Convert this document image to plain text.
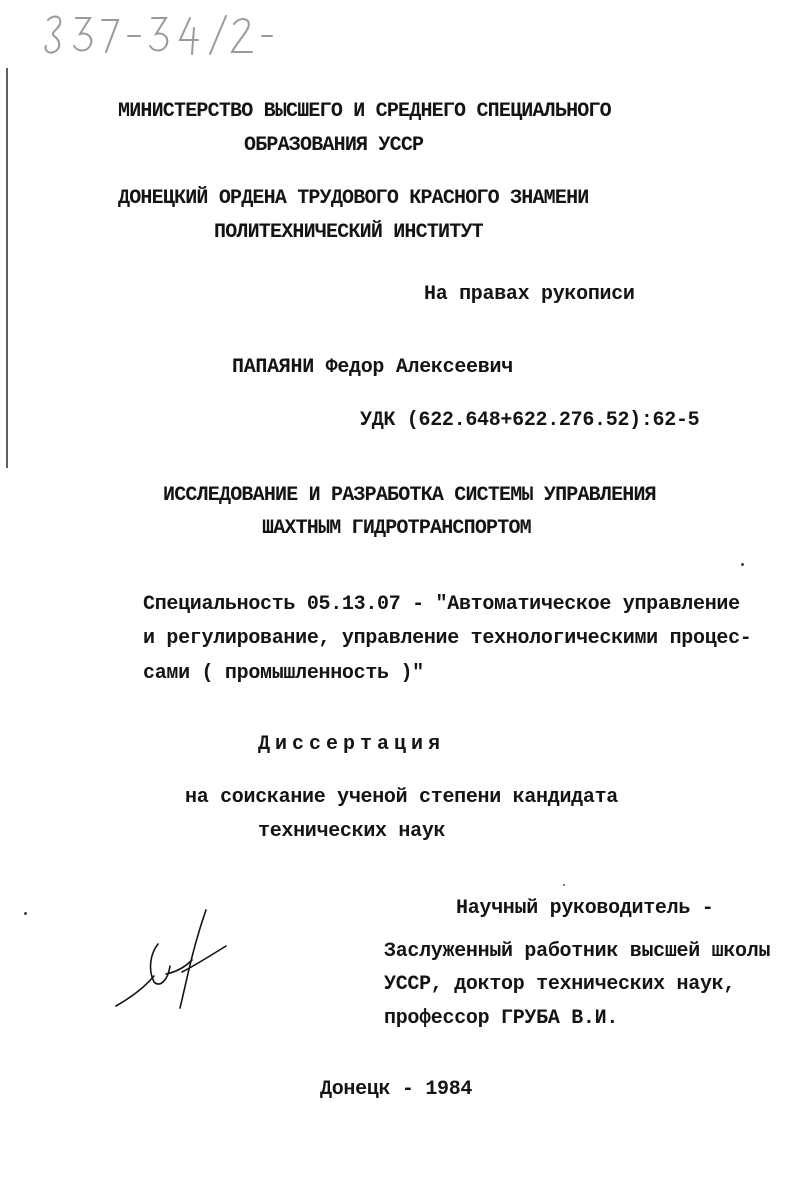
МИНИСТЕРСТВО ВЫСШЕГО И СРЕДНЕГО СПЕЦИАЛЬНОГО
ОБРАЗОВАНИЯ УССР
ДОНЕЦКИЙ ОРДЕНА ТРУДОВОГО КРАСНОГО ЗНАМЕНИ
ПОЛИТЕХНИЧЕСКИЙ ИНСТИТУТ
На правах рукописи
ПАПАЯНИ Федор Алексеевич
УДК (622.648+622.276.52):62-5
ИССЛЕДОВАНИЕ И РАЗРАБОТКА СИСТЕМЫ УПРАВЛЕНИЯ
ШАХТНЫМ ГИДРОТРАНСПОРТОМ
Специальность 05.13.07 - "Автоматическое управление
и регулирование, управление технологическими процес-
сами ( промышленность )"
Диссертация
на соискание ученой степени кандидата
технических наук
Научный руководитель -
Заслуженный работник высшей школы
УССР, доктор технических наук,
профессор ГРУБА В.И.
Донецк - 1984
